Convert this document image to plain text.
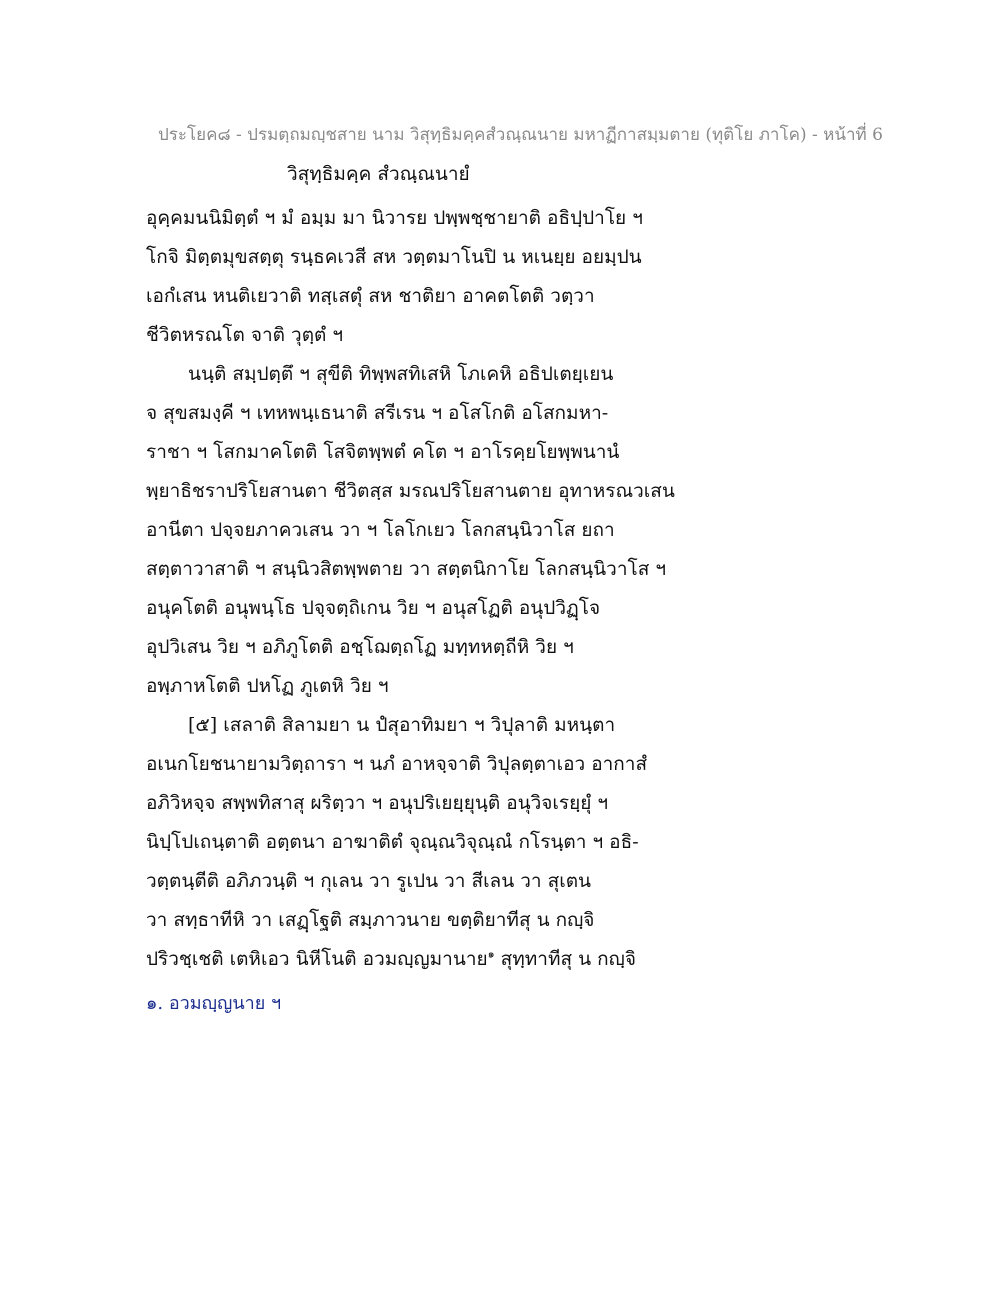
ประโยค๘ - ปรมตฺถมญฺชสาย นาม วิสุทฺธิมคฺคสํวณฺณนาย มหาฏีกาสมฺมตาย (ทุติโย ภาโค) - หน้าที่ 6
วิสุทฺธิมคฺค สํวณฺณนายํ
อุคฺคมนนิมิตฺตํ ฯ มํ อมฺม มา นิวารย ปพฺพชฺชายาติ อธิปฺปาโย ฯ
โกจิ มิตฺตมุขสตฺตุ รนฺธคเวสี สห วตฺตมาโนปิ น หเนยฺย อยมฺปน
เอกํเสน หนติเยวาติ ทสฺเสตุํ สห ชาติยา อาคตโตติ วตฺวา
ชีวิตหรณโต จาติ วุตฺตํ ฯ
นนฺติ สมฺปตฺตึ ฯ สุขีติ ทิพฺพสทิเสหิ โภเคหิ อธิปเตยฺเยน
จ สุขสมงฺคี ฯ เทหพนฺเธนาติ สรีเรน ฯ อโสโกติ อโสกมหา-
ราชา ฯ โสกมาคโตติ โสจิตพฺพตํ คโต ฯ อาโรคฺยโยพฺพนานํ
พฺยาธิชราปริโยสานตา ชีวิตสฺส มรณปริโยสานตาย อุทาหรณวเสน
อานีตา ปจฺจยภาควเสน วา ฯ โลโกเยว โลกสนฺนิวาโส ยถา
สตฺตาวาสาติ ฯ สนฺนิวสิตพฺพตาย วา สตฺตนิกาโย โลกสนฺนิวาโส ฯ
อนุคโตติ อนุพนฺโธ ปจฺจตฺถิเกน วิย ฯ อนุสโฏติ อนุปวิฏฺโจ
อุปวิเสน วิย ฯ อภิภูโตติ อชฺโฌตฺถโฏ มทฺทหตฺถีหิ วิย ฯ
อพฺภาหโตติ ปหโฏ ภูเตหิ วิย ฯ
[๕] เสลาติ สิลามยา น ปํสุอาทิมยา ฯ วิปุลาติ มหนฺตา
อเนกโยชนายามวิตฺถารา ฯ นภํ อาหจฺจาติ วิปุลตฺตาเอว อากาสํ
อภิวิหจฺจ สพฺพทิสาสุ ผริตฺวา ฯ อนุปริเยยฺยุนฺติ อนุวิจเรยฺยุํ ฯ
นิปฺโปเถนฺตาติ อตฺตนา อาฆาติตํ จุณฺณวิจุณฺณํ กโรนฺตา ฯ อธิ-
วตฺตนฺตีติ อภิภวนฺติ ฯ กุเลน วา รูเปน วา สีเลน วา สุเตน
วา สทฺธาทีหิ วา เสฏฺโฐติ สมฺภาวนาย ขตฺติยาทีสุ น กญฺจิ
ปริวชฺเชติ เตหิเอว นิหีโนติ อวมญฺญมานาย$^๑$ สุทฺทาทีสุ น กญฺจิ
๑. อวมญฺญนาย ฯ
